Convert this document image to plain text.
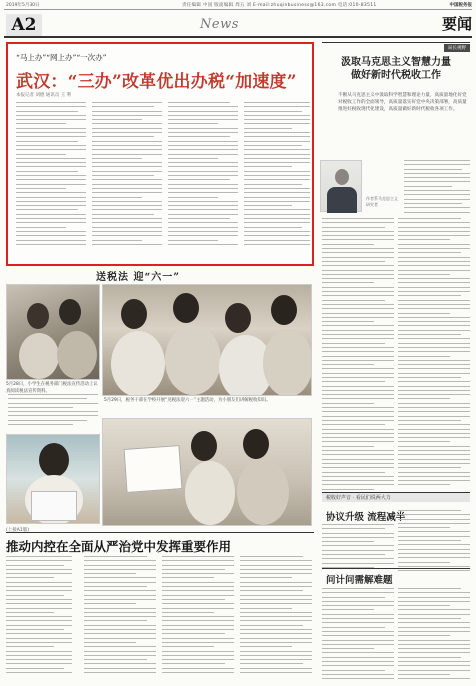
2019年5月30日	责任编辑 中国 版面编辑 周五 刘 E-mail:zhuqinbusiness@163.com 电话:010-83511	中国税务报
A2	News	要闻
“马上办”“网上办”“一次办”
武汉：“三办”改革优出办税“加速度”
本报记者 刘德 通讯员 王 利
局长视野
汲取马克思主义智慧力量
做好新时代税收工作
不断从马克思主义中汲取科学智慧和理论力量，高质量地化好党对税收工作的全面领导，高质量落实好党中央决策部署，高质量推进好税收现代化建设，高质量做好新时代税收各项工作。
作者系马克思主义研究者
送税法 迎“六一”
5月28日，小学生在税务部门税法宣传活动上认真阅读税法宣传资料。
5月29日，税务干部在学校开展“送税法迎六一”主题活动，为小朋友们讲解税收知识。
(上接A1版)
推动内控在全面从严治党中发挥重要作用
税收好声音 · 看民们说两大力
协议升级 流程减半
问计问需解难题
